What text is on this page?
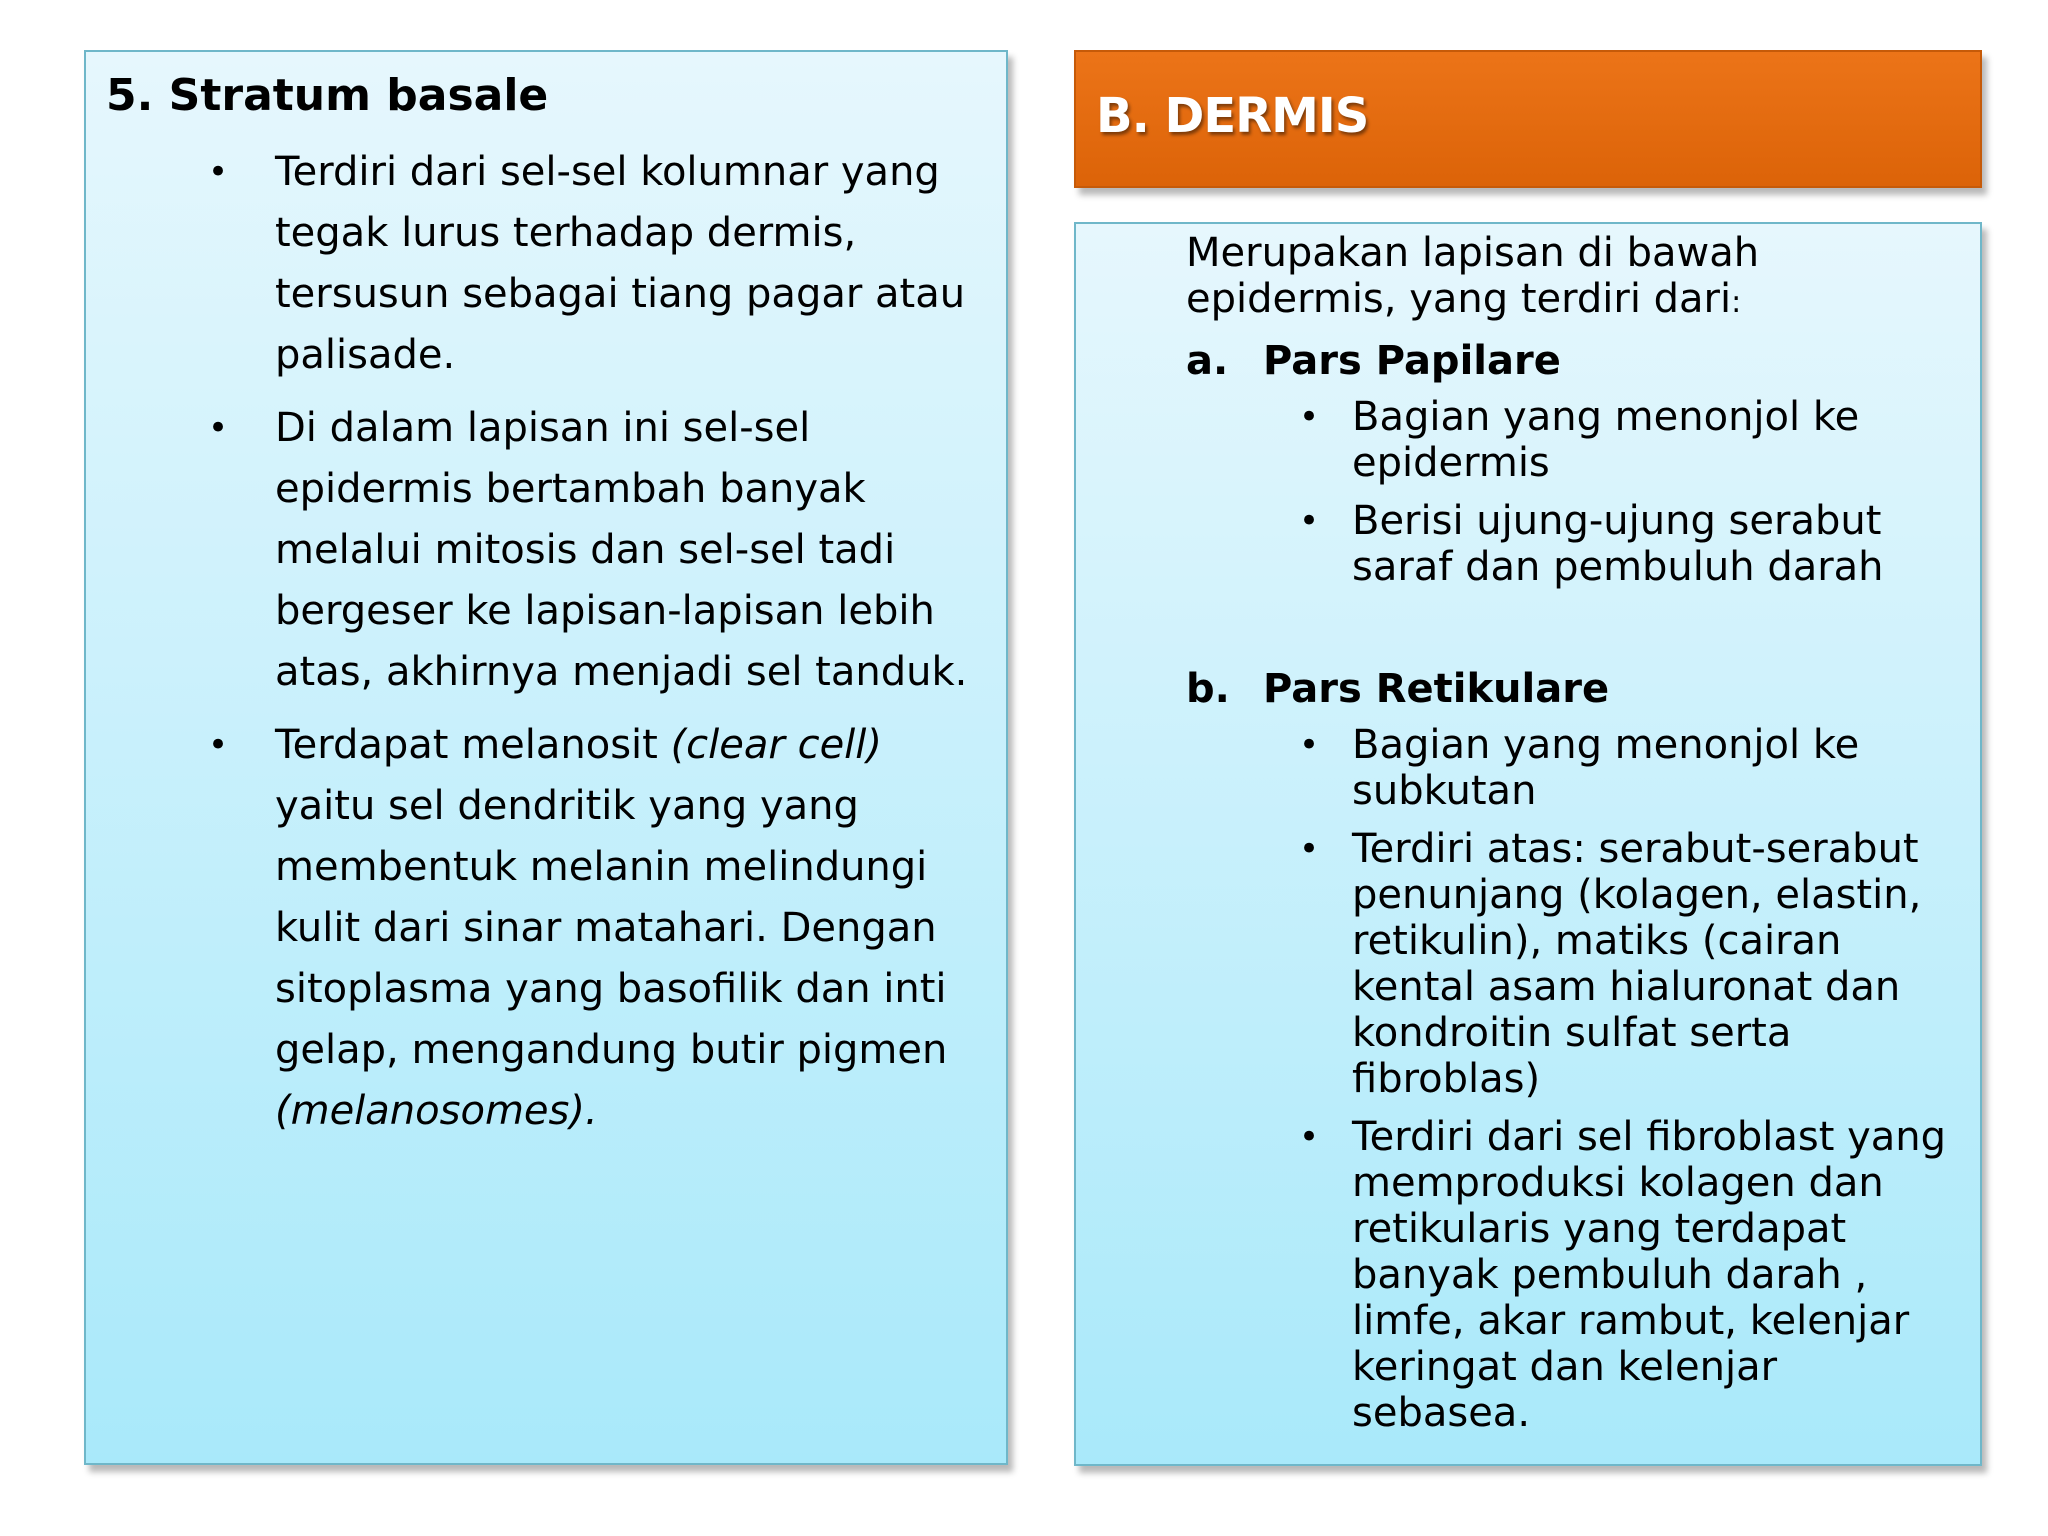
5. Stratum basale
• Terdiri dari sel-sel kolumnar yang tegak lurus terhadap dermis, tersusun sebagai tiang pagar atau palisade.
• Di dalam lapisan ini sel-sel epidermis bertambah banyak melalui mitosis dan sel-sel tadi bergeser ke lapisan-lapisan lebih atas, akhirnya menjadi sel tanduk.
• Terdapat melanosit (clear cell) yaitu sel dendritik yang yang membentuk melanin melindungi kulit dari sinar matahari. Dengan sitoplasma yang basofilik dan inti gelap, mengandung butir pigmen (melanosomes).
B. DERMIS
Merupakan lapisan di bawah epidermis, yang terdiri dari:
a. Pars Papilare
• Bagian yang menonjol ke epidermis
• Berisi ujung-ujung serabut saraf dan pembuluh darah
b. Pars Retikulare
• Bagian yang menonjol ke subkutan
• Terdiri atas: serabut-serabut penunjang (kolagen, elastin, retikulin), matiks (cairan kental asam hialuronat dan kondroitin sulfat serta fibroblas)
• Terdiri dari sel fibroblast yang memproduksi kolagen dan retikularis yang terdapat banyak pembuluh darah , limfe, akar rambut, kelenjar keringat dan kelenjar sebasea.
